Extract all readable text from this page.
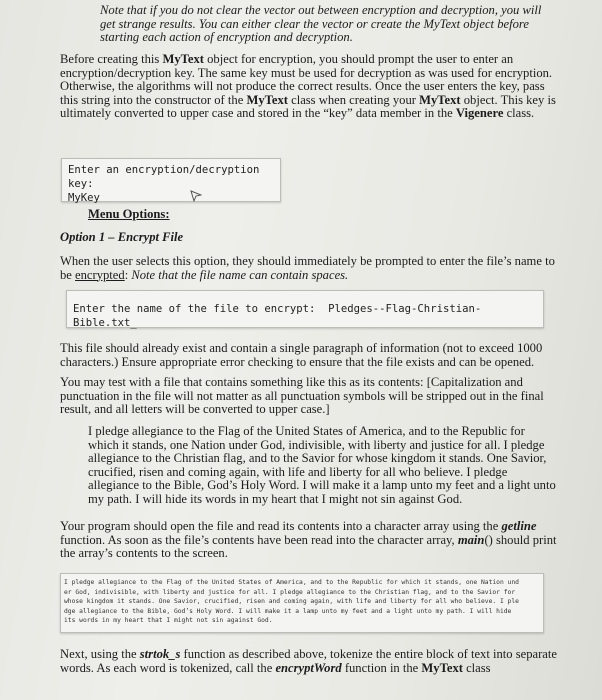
Note that if you do not clear the vector out between encryption and decryption, you will get strange results. You can either clear the vector or create the MyText object before starting each action of encryption and decryption.
Before creating this MyText object for encryption, you should prompt the user to enter an encryption/decryption key. The same key must be used for decryption as was used for encryption. Otherwise, the algorithms will not produce the correct results. Once the user enters the key, pass this string into the constructor of the MyText class when creating your MyText object. This key is ultimately converted to upper case and stored in the “key” data member in the Vigenere class.
Enter an encryption/decryption key:
MyKey
Menu Options:
Option 1 – Encrypt File
When the user selects this option, they should immediately be prompted to enter the file’s name to be encrypted: Note that the file name can contain spaces.
Enter the name of the file to encrypt: Pledges--Flag-Christian-Bible.txt_
This file should already exist and contain a single paragraph of information (not to exceed 1000 characters.) Ensure appropriate error checking to ensure that the file exists and can be opened.
You may test with a file that contains something like this as its contents: [Capitalization and punctuation in the file will not matter as all punctuation symbols will be stripped out in the final result, and all letters will be converted to upper case.]
I pledge allegiance to the Flag of the United States of America, and to the Republic for which it stands, one Nation under God, indivisible, with liberty and justice for all. I pledge allegiance to the Christian flag, and to the Savior for whose kingdom it stands. One Savior, crucified, risen and coming again, with life and liberty for all who believe. I pledge allegiance to the Bible, God’s Holy Word. I will make it a lamp unto my feet and a light unto my path. I will hide its words in my heart that I might not sin against God.
Your program should open the file and read its contents into a character array using the getline function. As soon as the file’s contents have been read into the character array, main() should print the array’s contents to the screen.
I pledge allegiance to the Flag of the United States of America, and to the Republic for which it stands, one Nation und
er God, indivisible, with liberty and justice for all. I pledge allegiance to the Christian flag, and to the Savior for
whose kingdom it stands. One Savior, crucified, risen and coming again, with life and liberty for all who believe. I ple
dge allegiance to the Bible, God’s Holy Word. I will make it a lamp unto my feet and a light unto my path. I will hide
its words in my heart that I might not sin against God.
Next, using the strtok_s function as described above, tokenize the entire block of text into separate words. As each word is tokenized, call the encryptWord function in the MyText class
